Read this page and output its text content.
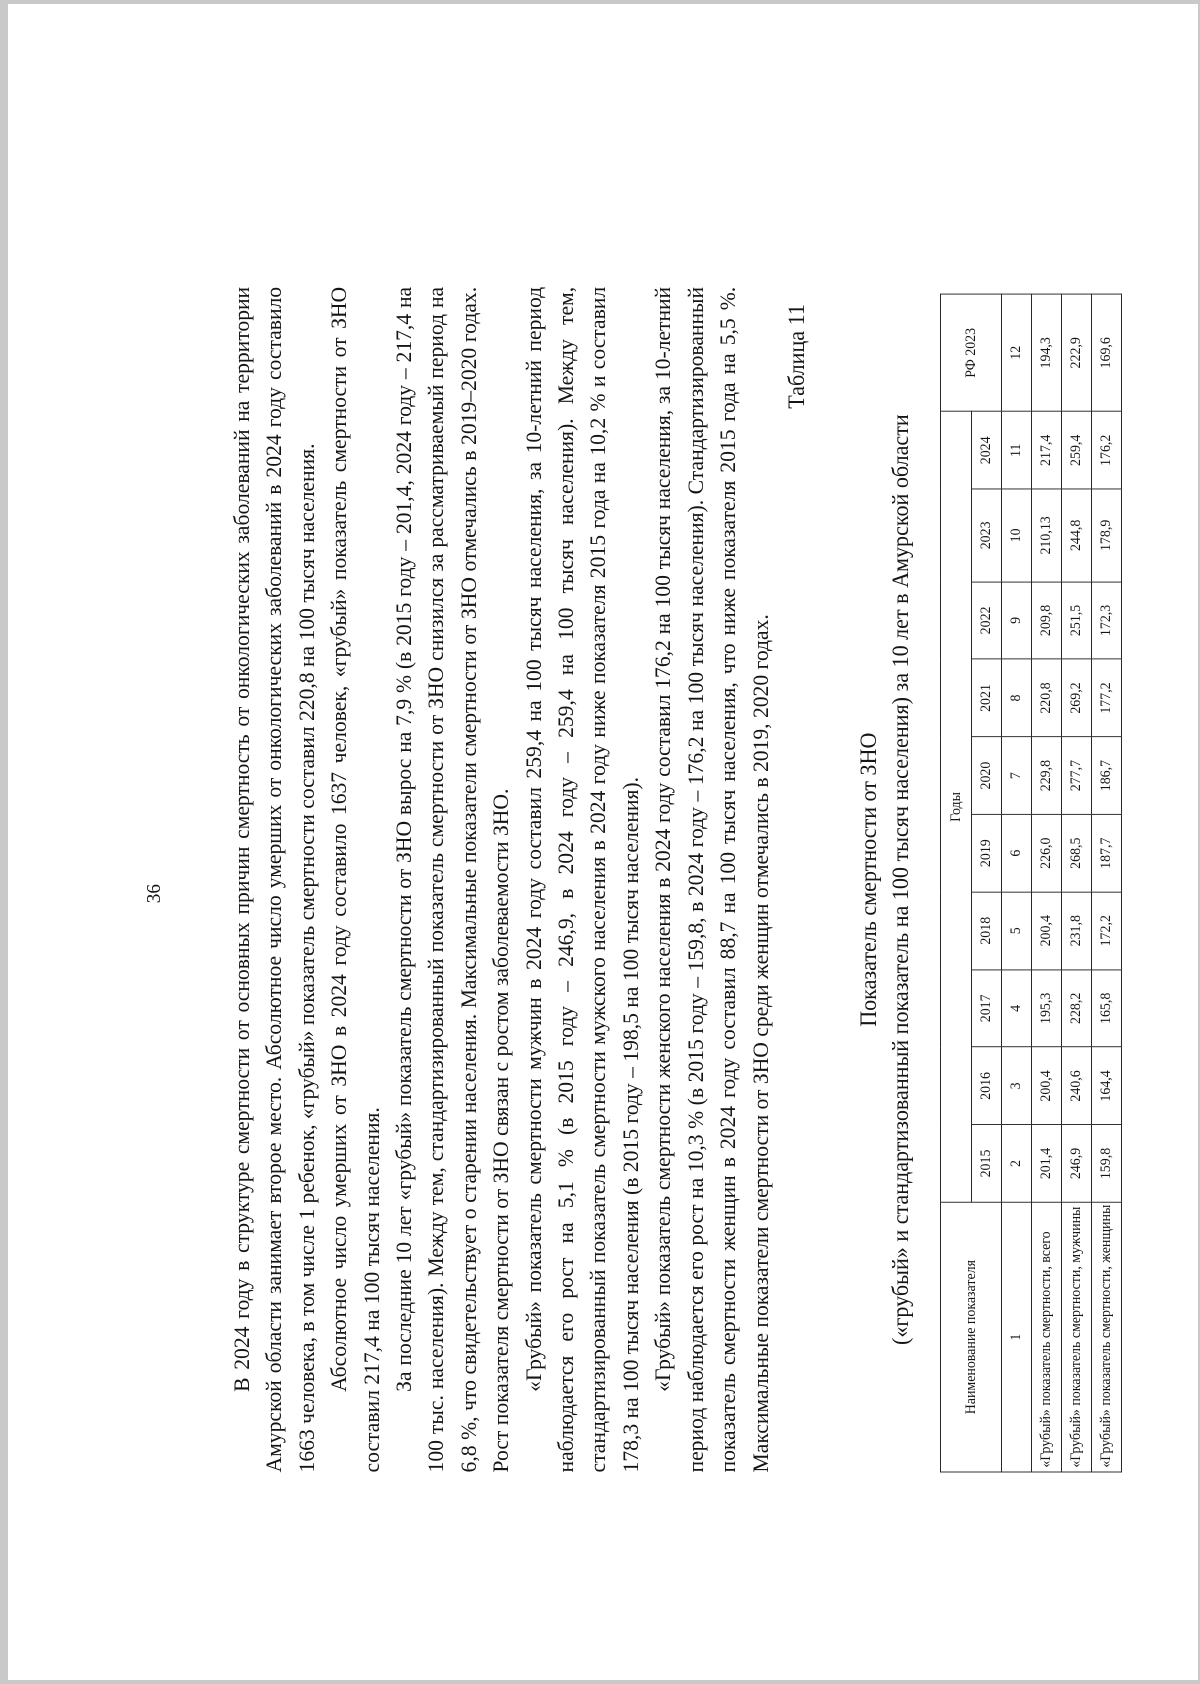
36	В 2024 году в структуре смертности от основных причин смертность от онкологических заболеваний на территории Амурской области занимает второе место. Абсолютное число умерших от онкологических заболеваний в 2024 году составило 1663 человека, в том числе 1 ребенок, «грубый» показатель смертности составил 220,8 на 100 тысяч населения. Абсолютное число умерших от ЗНО в 2024 году составило 1637 человек, «грубый» показатель смертности от ЗНО составил 217,4 на 100 тысяч населения. За последние 10 лет «грубый» показатель смертности от ЗНО вырос на 7,9 % (в 2015 году – 201,4, 2024 году – 217,4 на 100 тыс. населения). Между тем, стандартизированный показатель смертности от ЗНО снизился за рассматриваемый период на 6,8 %, что свидетельствует о старении населения. Максимальные показатели смертности от ЗНО отмечались в 2019–2020 годах. Рост показателя смертности от ЗНО связан с ростом заболеваемости ЗНО. «Грубый» показатель смертности мужчин в 2024 году составил 259,4 на 100 тысяч населения, за 10-летний период наблюдается его рост на 5,1 % (в 2015 году – 246,9, в 2024 году – 259,4 на 100 тысяч населения). Между тем, стандартизированный показатель смертности мужского населения в 2024 году ниже показателя 2015 года на 10,2 % и составил 178,3 на 100 тысяч населения (в 2015 году – 198,5 на 100 тысяч населения). «Грубый» показатель смертности женского населения в 2024 году составил 176,2 на 100 тысяч населения, за 10-летний период наблюдается его рост на 10,3 % (в 2015 году – 159,8, в 2024 году – 176,2 на 100 тысяч населения). Стандартизированный показатель смертности женщин в 2024 году составил 88,7 на 100 тысяч населения, что ниже показателя 2015 года на 5,5 %. Максимальные показатели смертности от ЗНО среди женщин отмечались в 2019, 2020 годах.

Таблица 11
Показатель смертности от ЗНО («грубый» и стандартизованный показатель на 100 тысяч населения) за 10 лет в Амурской области	Наименование показателя	Годы										РФ 2023
	2015	2016	2017	2018	2019	2020	2021	2022	2023	2024	
1	2	3	4	5	6	7	8	9	10	11	12
«Грубый» показатель смертности, всего	201,4	200,4	195,3	200,4	226,0	229,8	220,8	209,8	210,13	217,4	194,3
«Грубый» показатель смертности, мужчины	246,9	240,6	228,2	231,8	268,5	277,7	269,2	251,5	244,8	259,4	222,9
«Грубый» показатель смертности, женщины	159,8	164,4	165,8	172,2	187,7	186,7	177,2	172,3	178,9	176,2	169,6
